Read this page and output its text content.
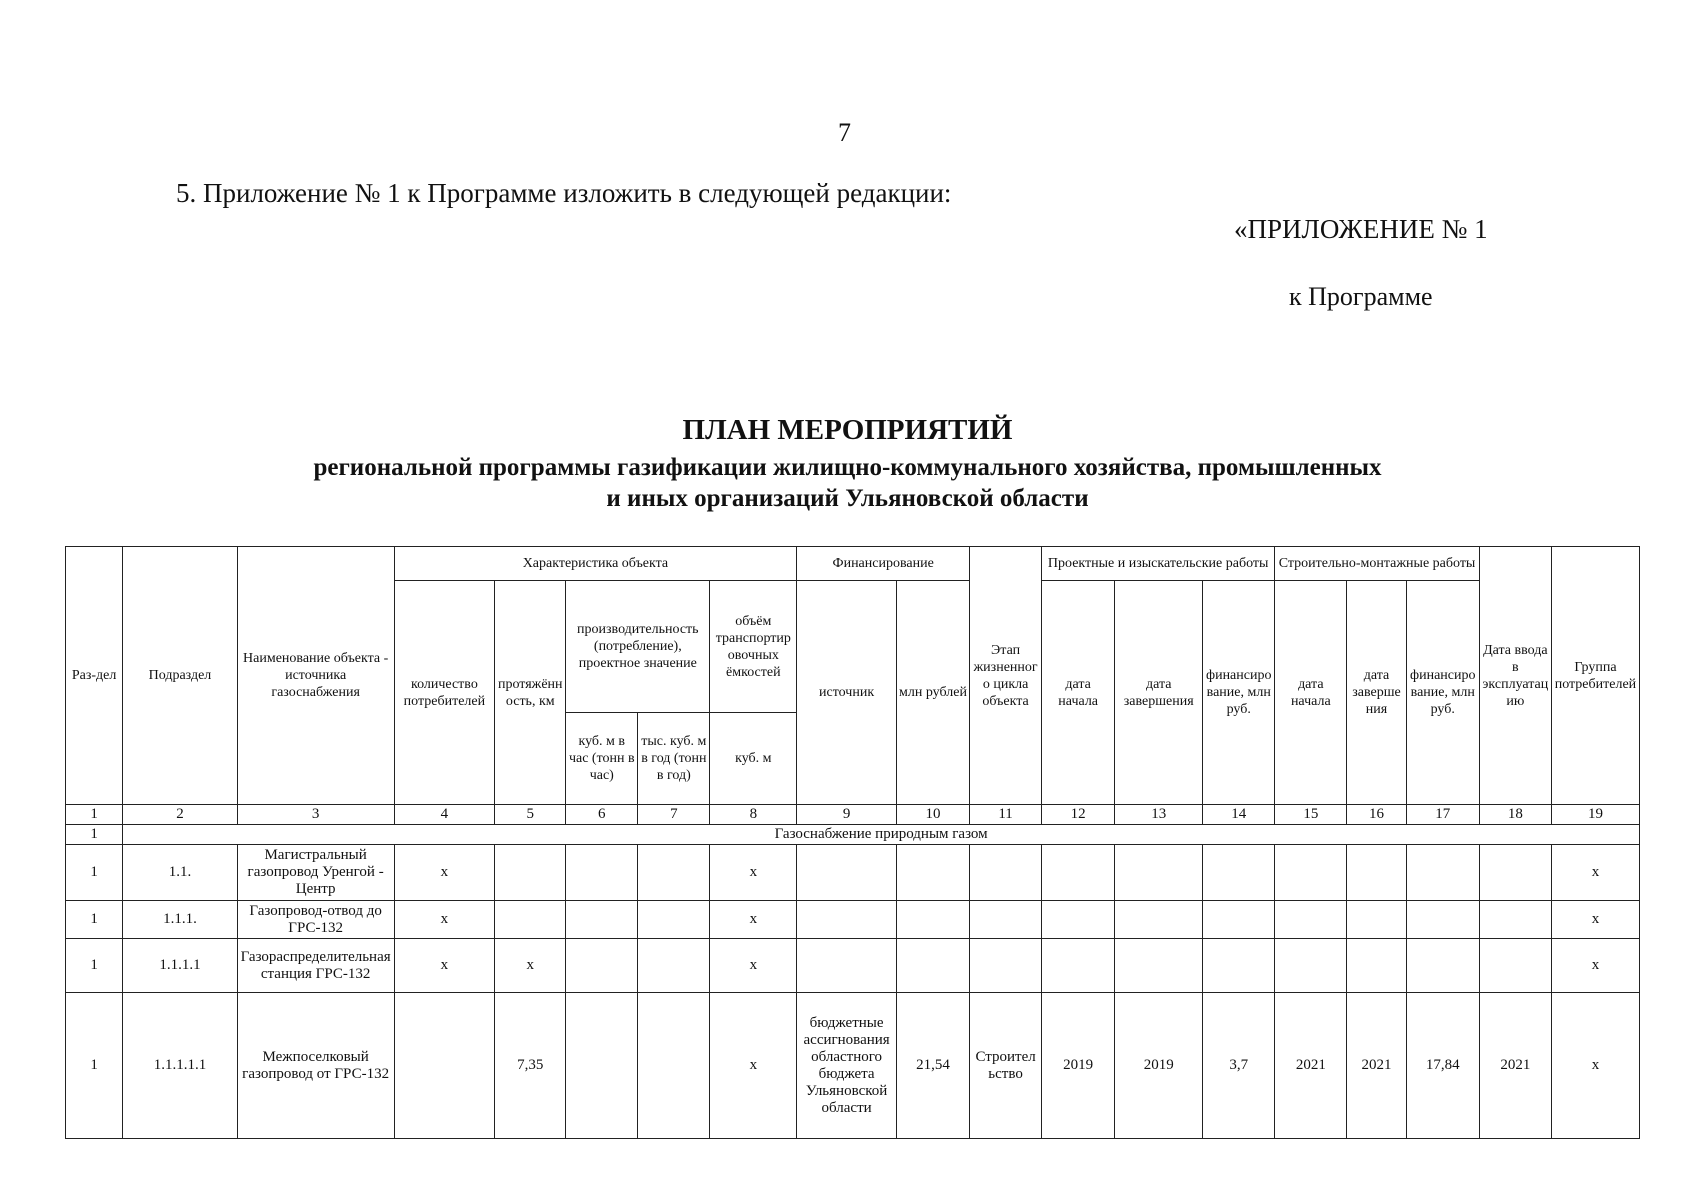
7
5. Приложение № 1 к Программе изложить в следующей редакции:
«ПРИЛОЖЕНИЕ № 1
к Программе
ПЛАН МЕРОПРИЯТИЙ
региональной программы газификации жилищно-коммунального хозяйства, промышленных
и иных организаций Ульяновской области
Раз-дел	Подраздел	Наименование объекта - источника газоснабжения	Характеристика объекта					Финансирование		Этап жизненного цикла объекта	Проектные и изыскательские работы			Строительно-монтажные работы			Дата ввода в эксплуатацию	Группа потребителей
			количество потребителей	протяжённость, км	производительность (потребление), проектное значение		объём транспортировочных ёмкостей	источник	млн рублей		дата начала	дата завершения	финансирование, млн руб.	дата начала	дата завершения	финансирование, млн руб.		
					куб. м в час (тонн в час)	тыс. куб. м в год (тонн в год)	куб. м											
1	2	3	4	5	6	7	8	9	10	11	12	13	14	15	16	17	18	19
1	Газоснабжение природным газом																	
1	1.1.	Магистральный газопровод Уренгой - Центр	х				х											х
1	1.1.1.	Газопровод-отвод до ГРС-132	х				х											х
1	1.1.1.1	Газораспределительная станция ГРС-132	х	х			х											х
1	1.1.1.1.1	Межпоселковый газопровод от ГРС-132		7,35			х	бюджетные ассигнования областного бюджета Ульяновской области	21,54	Строительство	2019	2019	3,7	2021	2021	17,84	2021	х
